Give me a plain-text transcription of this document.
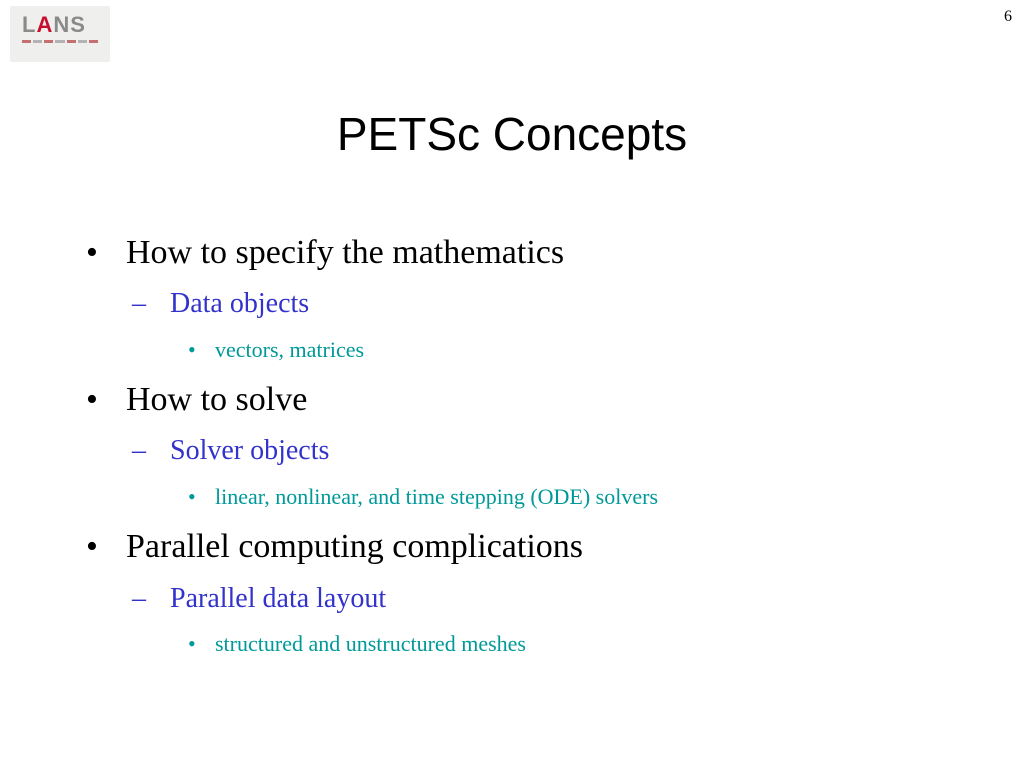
LANS	6
PETSc Concepts
• How to specify the mathematics
– Data objects
• vectors, matrices
• How to solve
– Solver objects
• linear, nonlinear, and time stepping (ODE) solvers
• Parallel computing complications
– Parallel data layout
• structured and unstructured meshes
